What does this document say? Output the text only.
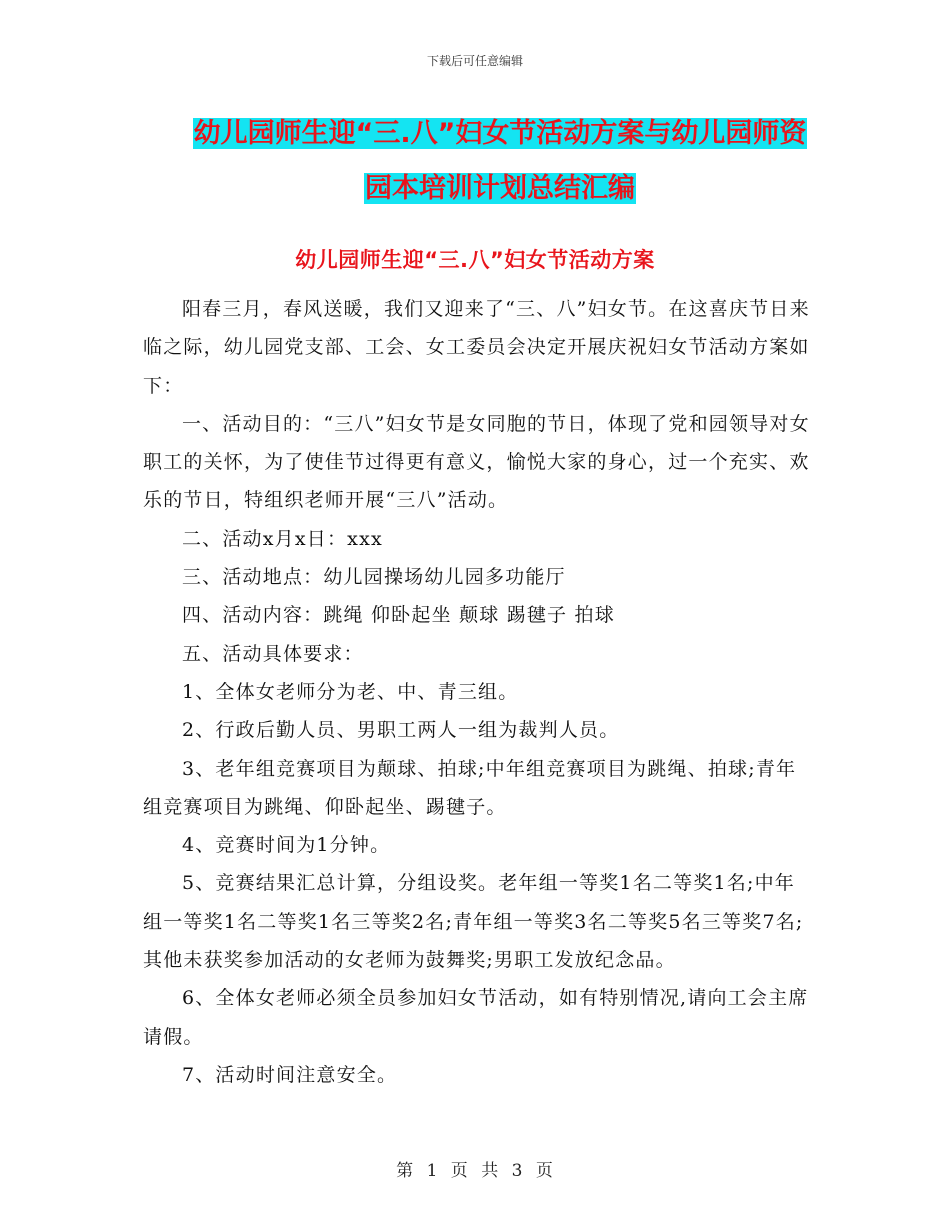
下载后可任意编辑
幼儿园师生迎“三.八”妇女节活动方案与幼儿园师资
园本培训计划总结汇编
幼儿园师生迎“三.八”妇女节活动方案

阳春三月，春风送暖，我们又迎来了“三、八”妇女节。在这喜庆节日来临之际，幼儿园党支部、工会、女工委员会决定开展庆祝妇女节活动方案如下：

一、活动目的：“三八”妇女节是女同胞的节日，体现了党和园领导对女职工的关怀，为了使佳节过得更有意义，愉悦大家的身心，过一个充实、欢乐的节日，特组织老师开展“三八”活动。

二、活动x月x日：xxx

三、活动地点：幼儿园操场幼儿园多功能厅

四、活动内容：跳绳 仰卧起坐 颠球 踢毽子 拍球

五、活动具体要求：

1、全体女老师分为老、中、青三组。

2、行政后勤人员、男职工两人一组为裁判人员。

3、老年组竞赛项目为颠球、拍球;中年组竞赛项目为跳绳、拍球;青年组竞赛项目为跳绳、仰卧起坐、踢毽子。

4、竞赛时间为1分钟。

5、竞赛结果汇总计算，分组设奖。老年组一等奖1名二等奖1名;中年组一等奖1名二等奖1名三等奖2名;青年组一等奖3名二等奖5名三等奖7名;其他未获奖参加活动的女老师为鼓舞奖;男职工发放纪念品。

6、全体女老师必须全员参加妇女节活动，如有特别情况,请向工会主席请假。

7、活动时间注意安全。

第 1 页 共 3 页
